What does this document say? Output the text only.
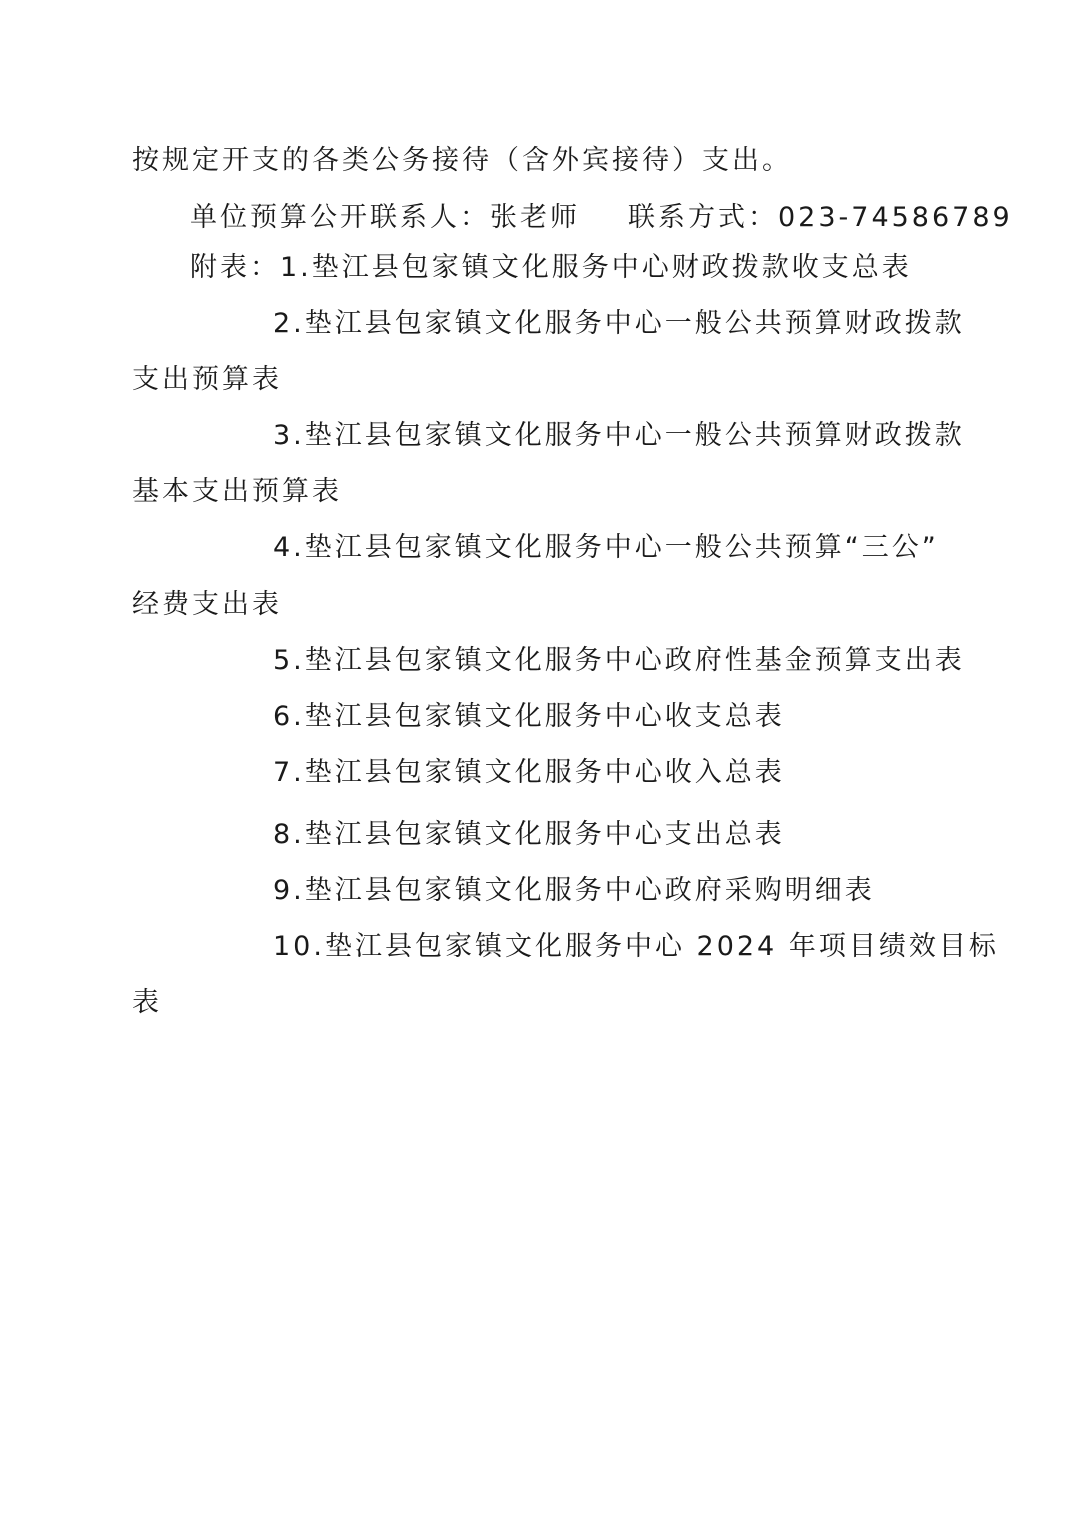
按规定开支的各类公务接待（含外宾接待）支出。
单位预算公开联系人：张老师 联系方式：023-74586789
附表：1.垫江县包家镇文化服务中心财政拨款收支总表
2.垫江县包家镇文化服务中心一般公共预算财政拨款
支出预算表
3.垫江县包家镇文化服务中心一般公共预算财政拨款
基本支出预算表
4.垫江县包家镇文化服务中心一般公共预算“三公”
经费支出表
5.垫江县包家镇文化服务中心政府性基金预算支出表
6.垫江县包家镇文化服务中心收支总表
7.垫江县包家镇文化服务中心收入总表
8.垫江县包家镇文化服务中心支出总表
9.垫江县包家镇文化服务中心政府采购明细表
10.垫江县包家镇文化服务中心 2024 年项目绩效目标
表
